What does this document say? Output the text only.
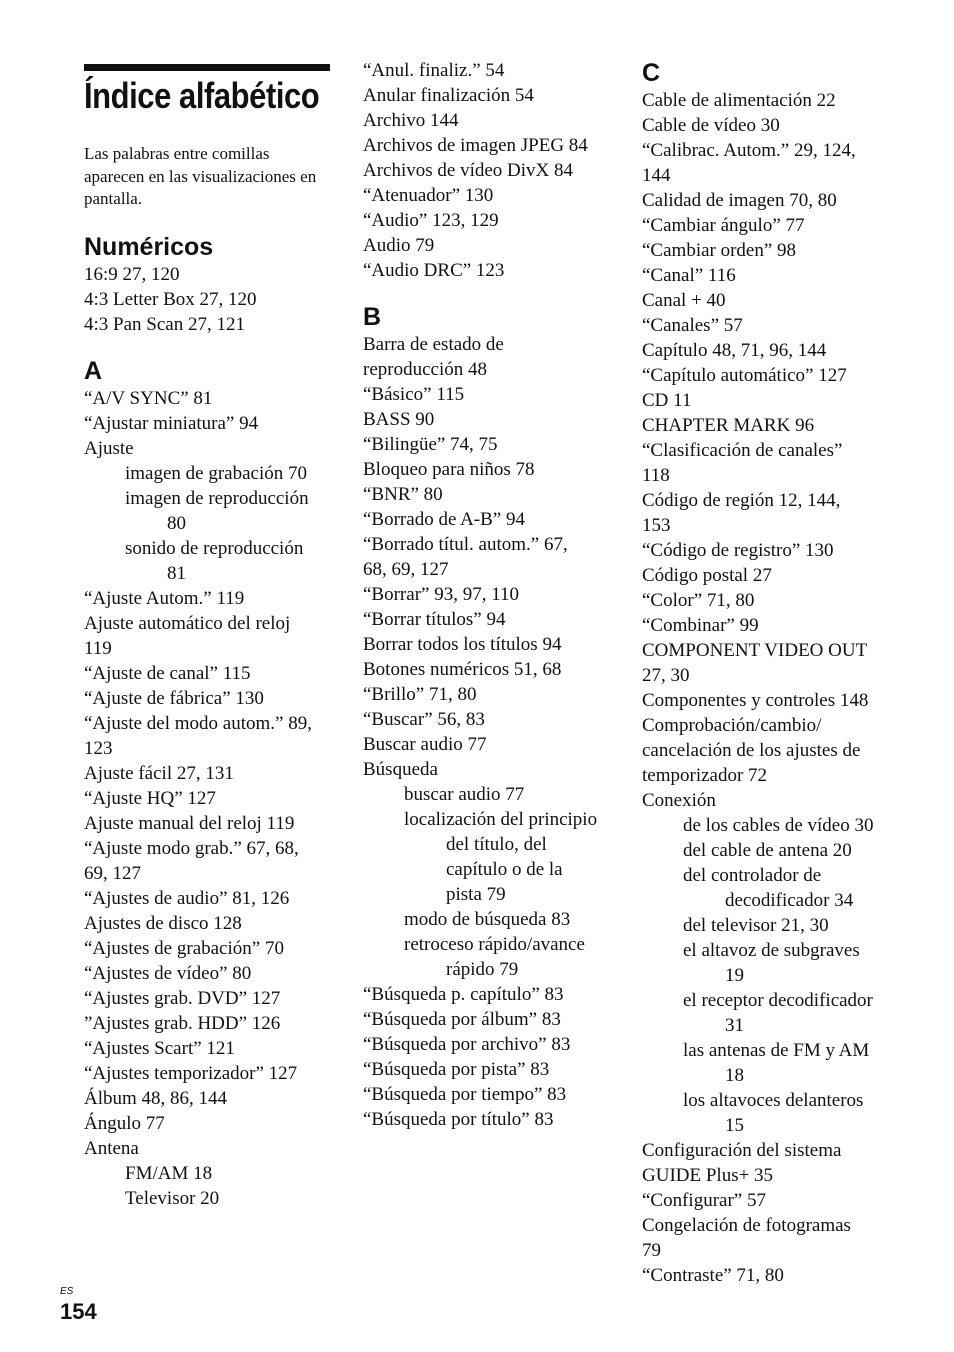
Índice alfabético

Las palabras entre comillas aparecen en las visualizaciones en pantalla.

Numéricos
16:9 27, 120
4:3 Letter Box 27, 120
4:3 Pan Scan 27, 121
A
“A/V SYNC” 81
“Ajustar miniatura” 94
Ajuste
imagen de grabación 70
imagen de reproducción
80
sonido de reproducción
81
“Ajuste Autom.” 119
Ajuste automático del reloj
119
“Ajuste de canal” 115
“Ajuste de fábrica” 130
“Ajuste del modo autom.” 89,
123
Ajuste fácil 27, 131
“Ajuste HQ” 127
Ajuste manual del reloj 119
“Ajuste modo grab.” 67, 68,
69, 127
“Ajustes de audio” 81, 126
Ajustes de disco 128
“Ajustes de grabación” 70
“Ajustes de vídeo” 80
“Ajustes grab. DVD” 127
”Ajustes grab. HDD” 126
“Ajustes Scart” 121
“Ajustes temporizador” 127
Álbum 48, 86, 144
Ángulo 77
Antena
FM/AM 18
Televisor 20
“Anul. finaliz.” 54
Anular finalización 54
Archivo 144
Archivos de imagen JPEG 84
Archivos de vídeo DivX 84
“Atenuador” 130
“Audio” 123, 129
Audio 79
“Audio DRC” 123
B
Barra de estado de
reproducción 48
“Básico” 115
BASS 90
“Bilingüe” 74, 75
Bloqueo para niños 78
“BNR” 80
“Borrado de A-B” 94
“Borrado títul. autom.” 67,
68, 69, 127
“Borrar” 93, 97, 110
“Borrar títulos” 94
Borrar todos los títulos 94
Botones numéricos 51, 68
“Brillo” 71, 80
“Buscar” 56, 83
Buscar audio 77
Búsqueda
buscar audio 77
localización del principio
del título, del
capítulo o de la
pista 79
modo de búsqueda 83
retroceso rápido/avance
rápido 79
“Búsqueda p. capítulo” 83
“Búsqueda por álbum” 83
“Búsqueda por archivo” 83
“Búsqueda por pista” 83
“Búsqueda por tiempo” 83
“Búsqueda por título” 83
C
Cable de alimentación 22
Cable de vídeo 30
“Calibrac. Autom.” 29, 124,
144
Calidad de imagen 70, 80
“Cambiar ángulo” 77
“Cambiar orden” 98
“Canal” 116
Canal + 40
“Canales” 57
Capítulo 48, 71, 96, 144
“Capítulo automático” 127
CD 11
CHAPTER MARK 96
“Clasificación de canales”
118
Código de región 12, 144,
153
“Código de registro” 130
Código postal 27
“Color” 71, 80
“Combinar” 99
COMPONENT VIDEO OUT
27, 30
Componentes y controles 148
Comprobación/cambio/
cancelación de los ajustes de
temporizador 72
Conexión
de los cables de vídeo 30
del cable de antena 20
del controlador de
decodificador 34
del televisor 21, 30
el altavoz de subgraves
19
el receptor decodificador
31
las antenas de FM y AM
18
los altavoces delanteros
15
Configuración del sistema
GUIDE Plus+ 35
“Configurar” 57
Congelación de fotogramas
79
“Contraste” 71, 80
ES
154
